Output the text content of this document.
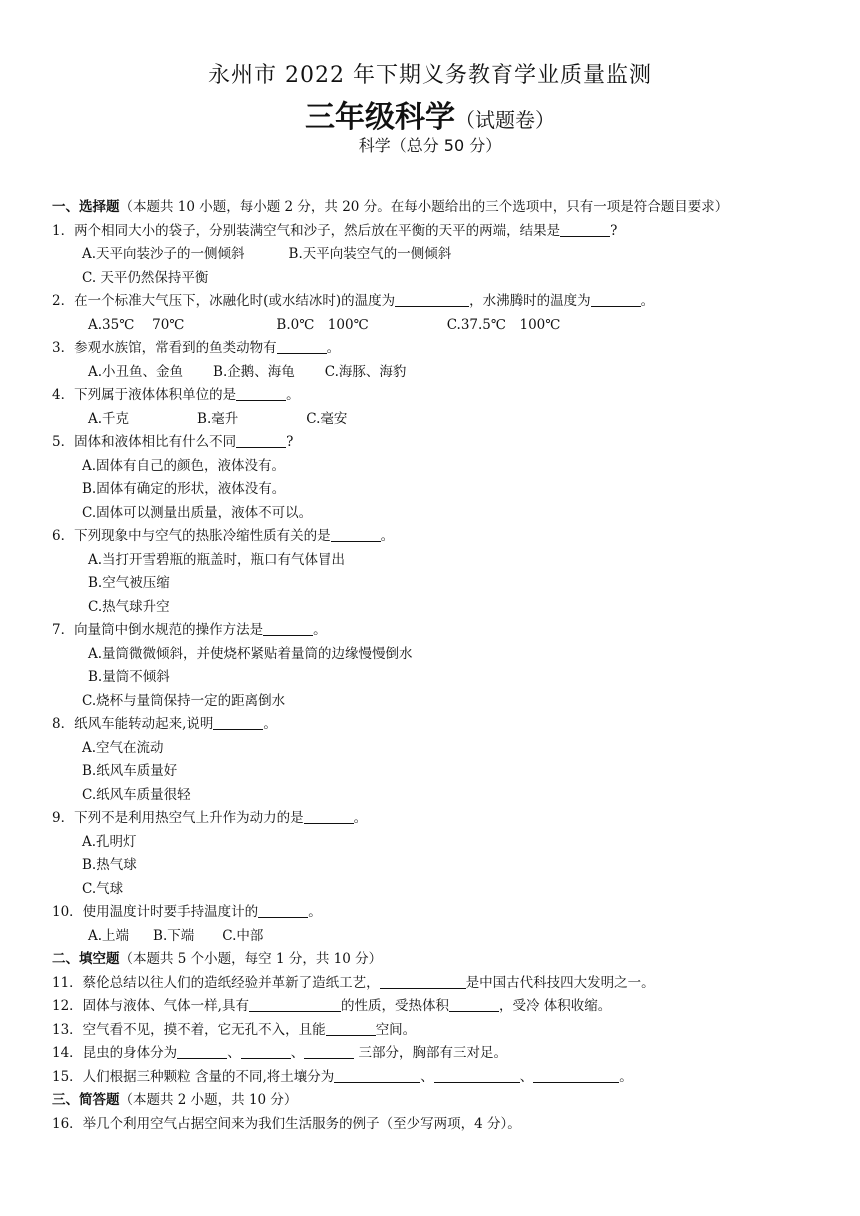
永州市 2022 年下期义务教育学业质量监测
三年级科学（试题卷）
科学（总分 50 分）
一、选择题（本题共 10 小题，每小题 2 分，共 20 分。在每小题给出的三个选项中，只有一项是符合题目要求）
1．两个相同大小的袋子，分别装满空气和沙子，然后放在平衡的天平的两端，结果是	?
A.天平向装沙子的一侧倾斜	B.天平向装空气的一侧倾斜
C. 天平仍然保持平衡
2．在一个标准大气压下，冰融化时(或水结冰时)的温度为	，水沸腾时的温度为	。
A.35℃　 70℃	B.0℃　100℃	C.37.5℃　100℃
3．参观水族馆，常看到的鱼类动物有	。
A.小丑鱼、金鱼 B.企鹅、海龟 C.海豚、海豹
4．下列属于液体体积单位的是	。
A.千克	B.毫升	C.毫安
5．固体和液体相比有什么不同	?
A.固体有自己的颜色，液体没有。
B.固体有确定的形状，液体没有。
C.固体可以测量出质量，液体不可以。
6．下列现象中与空气的热胀冷缩性质有关的是	。
A.当打开雪碧瓶的瓶盖时，瓶口有气体冒出
B.空气被压缩
C.热气球升空
7．向量筒中倒水规范的操作方法是	。
A.量筒微微倾斜，并使烧杯紧贴着量筒的边缘慢慢倒水
B.量筒不倾斜
C.烧杯与量筒保持一定的距离倒水
8．纸风车能转动起来,说明	。
A.空气在流动
B.纸风车质量好
C.纸风车质量很轻
9．下列不是利用热空气上升作为动力的是	。
A.孔明灯
B.热气球
C.气球
10．使用温度计时要手持温度计的	。
A.上端 B.下端 C.中部
二、填空题（本题共 5 个小题，每空 1 分，共 10 分）
11．蔡伦总结以往人们的造纸经验并革新了造纸工艺，	是中国古代科技四大发明之一。
12．固体与液体、气体一样,具有	的性质，受热体积	，受冷 体积收缩。
13．空气看不见，摸不着，它无孔不入，且能	空间。
14．昆虫的身体分为	、	、	三部分，胸部有三对足。
15．人们根据三种颗粒 含量的不同,将土壤分为	、	、	。
三、简答题（本题共 2 小题，共 10 分）
16．举几个利用空气占据空间来为我们生活服务的例子（至少写两项，4 分）。
